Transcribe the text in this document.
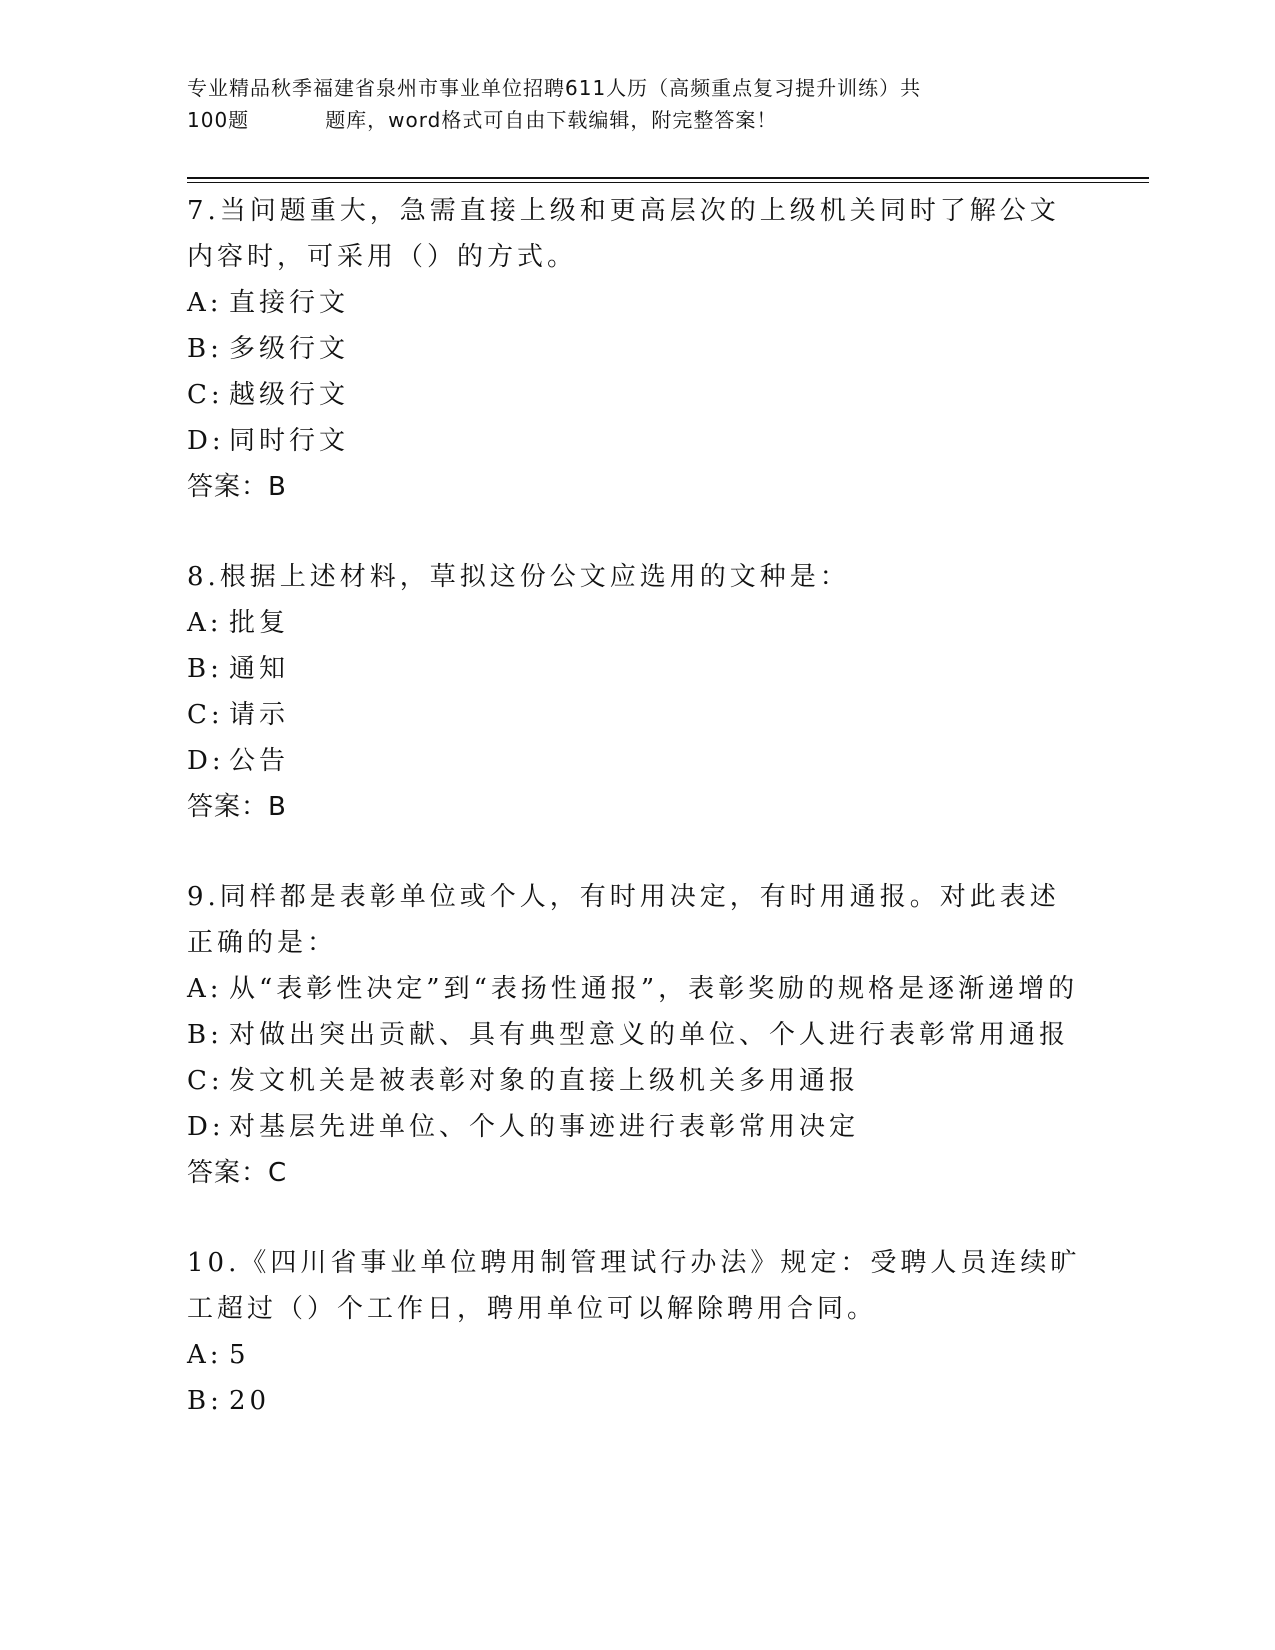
专业精品秋季福建省泉州市事业单位招聘611人历（高频重点复习提升训练）共
100题	题库，word格式可自由下载编辑，附完整答案！
7.当问题重大，急需直接上级和更高层次的上级机关同时了解公文内容时，可采用（）的方式。
A: 直接行文
B: 多级行文
C: 越级行文
D: 同时行文
答案：B
8.根据上述材料，草拟这份公文应选用的文种是：
A: 批复
B: 通知
C: 请示
D: 公告
答案：B
9.同样都是表彰单位或个人，有时用决定，有时用通报。对此表述正确的是：
A: 从“表彰性决定”到“表扬性通报”，表彰奖励的规格是逐渐递增的
B: 对做出突出贡献、具有典型意义的单位、个人进行表彰常用通报
C: 发文机关是被表彰对象的直接上级机关多用通报
D: 对基层先进单位、个人的事迹进行表彰常用决定
答案：C
10.《四川省事业单位聘用制管理试行办法》规定：受聘人员连续旷工超过（）个工作日，聘用单位可以解除聘用合同。
A: 5
B: 20
